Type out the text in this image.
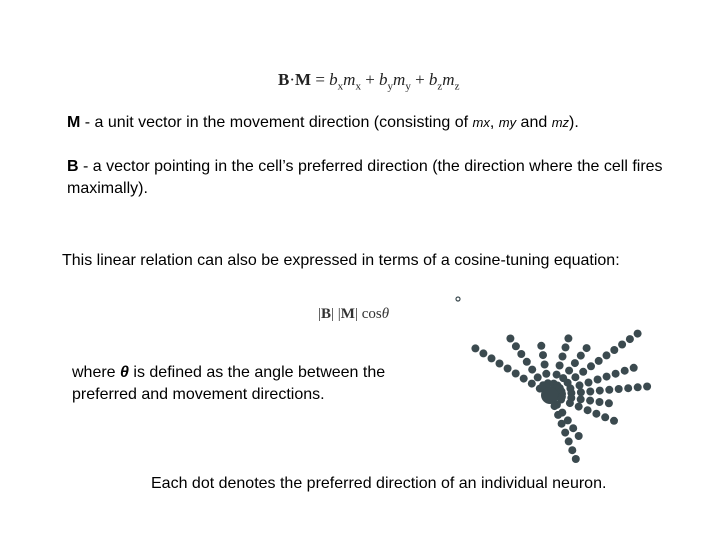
$B\cdot M = b_xm_x + b_ym_y + b_zm_z$

M - a unit vector in the movement direction (consisting of mx, my and mz).

B - a vector pointing in the cell’s preferred direction (the direction where the cell fires maximally).

This linear relation can also be expressed in terms of a cosine-tuning equation:

|B| |M| cosθ

where θ is defined as the angle between the preferred and movement directions.

Each dot denotes the preferred direction of an individual neuron.
